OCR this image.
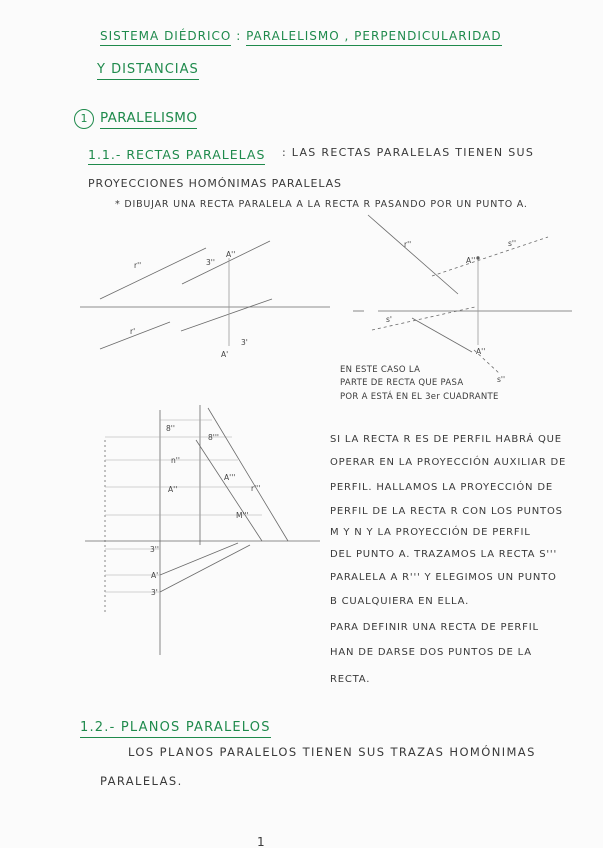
SISTEMA DIÉDRICO : PARALELISMO , PERPENDICULARIDAD
Y DISTANCIAS
1 PARALELISMO
1.1.- RECTAS PARALELAS : LAS RECTAS PARALELAS TIENEN SUS
PROYECCIONES HOMÓNIMAS PARALELAS
* DIBUJAR UNA RECTA PARALELA A LA RECTA R PASANDO POR UN PUNTO A.
r''	3''
A''
r'
A'
3'
r''	s''
A''
s'
A''
s''
8''
8'''
n''
A'''
A''	r'''
M'''
3''
A'
3'
EN ESTE CASO LA
PARTE DE RECTA QUE PASA
POR A ESTÁ EN EL 3er CUADRANTE
SI LA RECTA R ES DE PERFIL HABRÁ QUE
OPERAR EN LA PROYECCIÓN AUXILIAR DE
PERFIL. HALLAMOS LA PROYECCIÓN DE
PERFIL DE LA RECTA R CON LOS PUNTOS
M Y N Y LA PROYECCIÓN DE PERFIL
DEL PUNTO A. TRAZAMOS LA RECTA S'''
PARALELA A R''' Y ELEGIMOS UN PUNTO
B CUALQUIERA EN ELLA.
PARA DEFINIR UNA RECTA DE PERFIL
HAN DE DARSE DOS PUNTOS DE LA
RECTA.
1.2.- PLANOS PARALELOS
LOS PLANOS PARALELOS TIENEN SUS TRAZAS HOMÓNIMAS
PARALELAS.
1
